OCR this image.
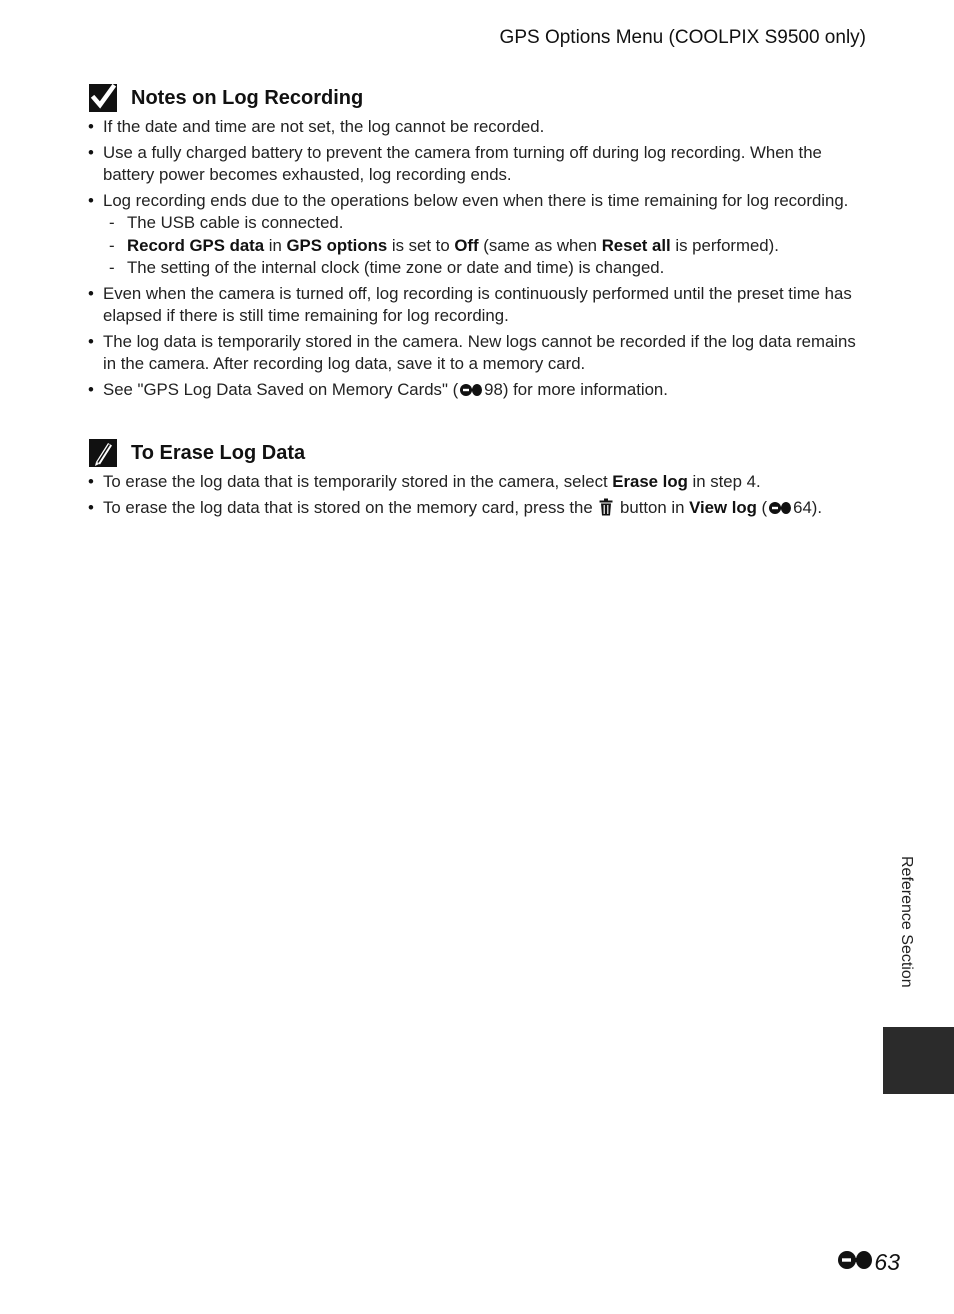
GPS Options Menu (COOLPIX S9500 only)
Notes on Log Recording
• If the date and time are not set, the log cannot be recorded.
• Use a fully charged battery to prevent the camera from turning off during log recording. When the battery power becomes exhausted, log recording ends.
• Log recording ends due to the operations below even when there is time remaining for log recording.
- The USB cable is connected.
- Record GPS data in GPS options is set to Off (same as when Reset all is performed).
- The setting of the internal clock (time zone or date and time) is changed.
• Even when the camera is turned off, log recording is continuously performed until the preset time has elapsed if there is still time remaining for log recording.
• The log data is temporarily stored in the camera. New logs cannot be recorded if the log data remains in the camera. After recording log data, save it to a memory card.
• See "GPS Log Data Saved on Memory Cards" ( 98) for more information.
To Erase Log Data
• To erase the log data that is temporarily stored in the camera, select Erase log in step 4.
• To erase the log data that is stored on the memory card, press the  button in View log ( 64).
Reference Section
63
